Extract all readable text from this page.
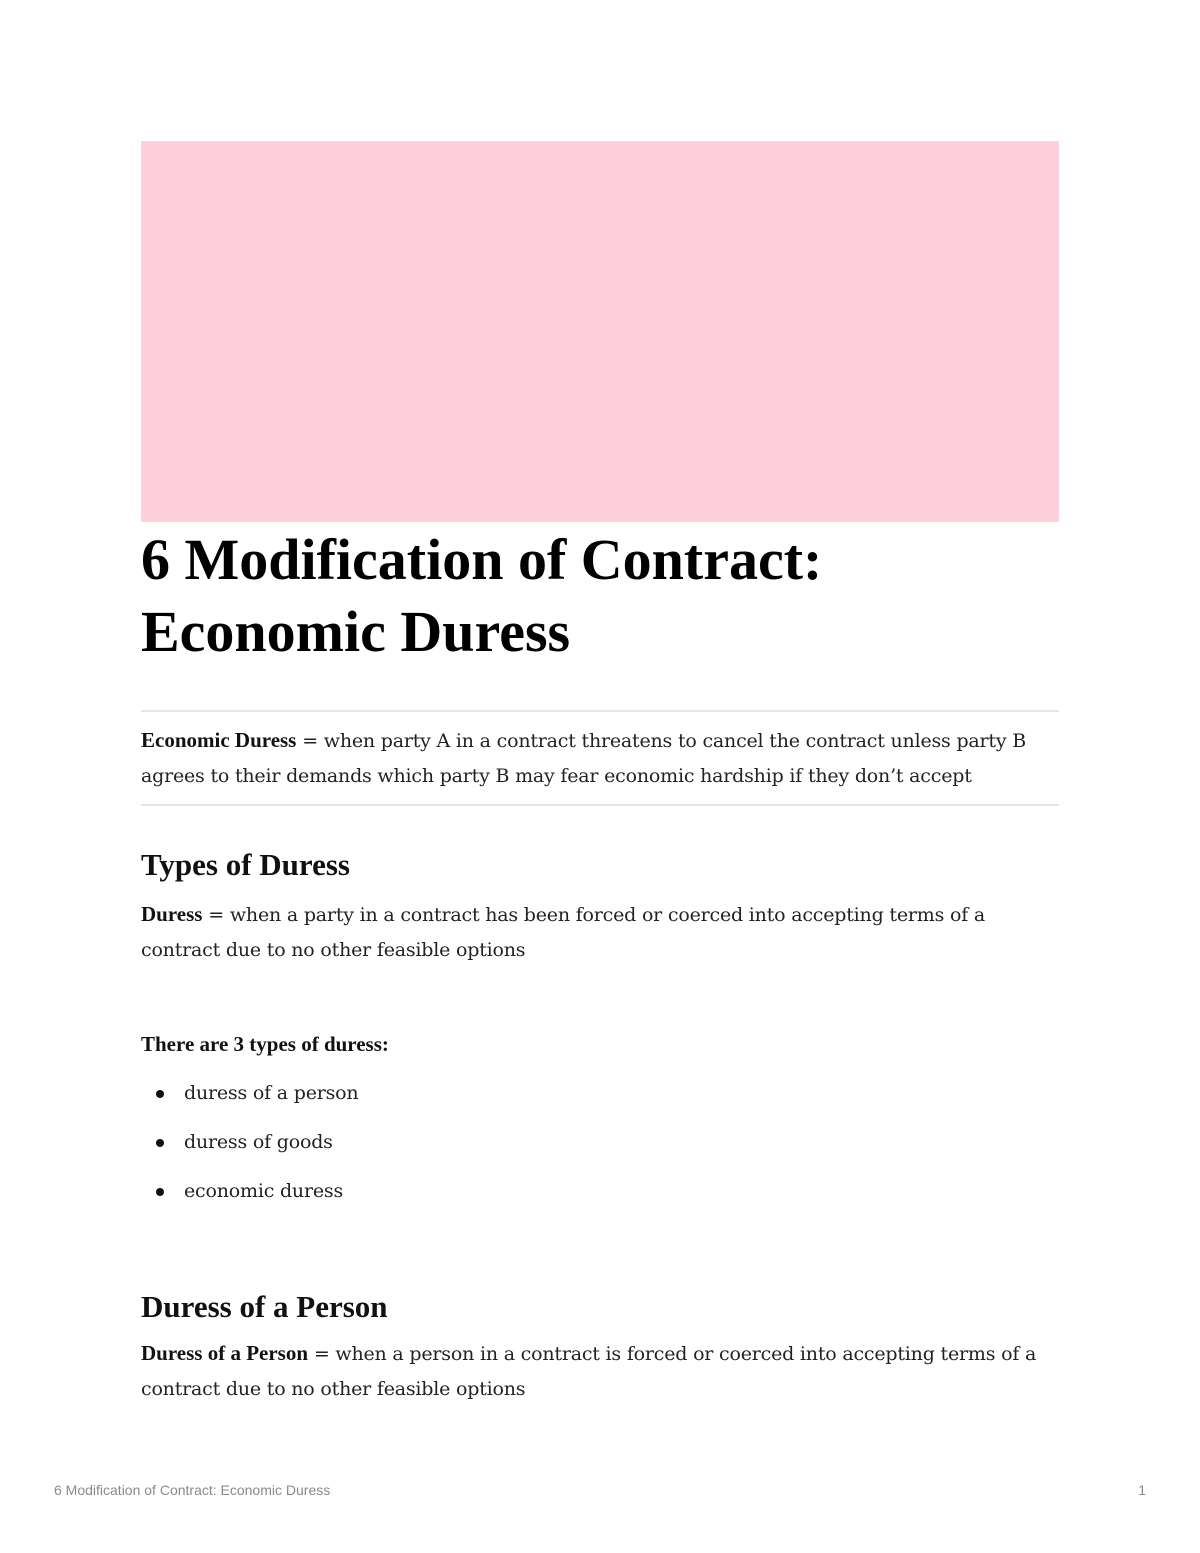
6 Modification of Contract:
Economic Duress

Economic Duress = when party A in a contract threatens to cancel the contract unless party B agrees to their demands which party B may fear economic hardship if they don’t accept

Types of Duress

Duress = when a party in a contract has been forced or coerced into accepting terms of a contract due to no other feasible options

There are 3 types of duress:

duress of a person
duress of goods
economic duress
Duress of a Person

Duress of a Person = when a person in a contract is forced or coerced into accepting terms of a contract due to no other feasible options

6 Modification of Contract: Economic Duress	1
